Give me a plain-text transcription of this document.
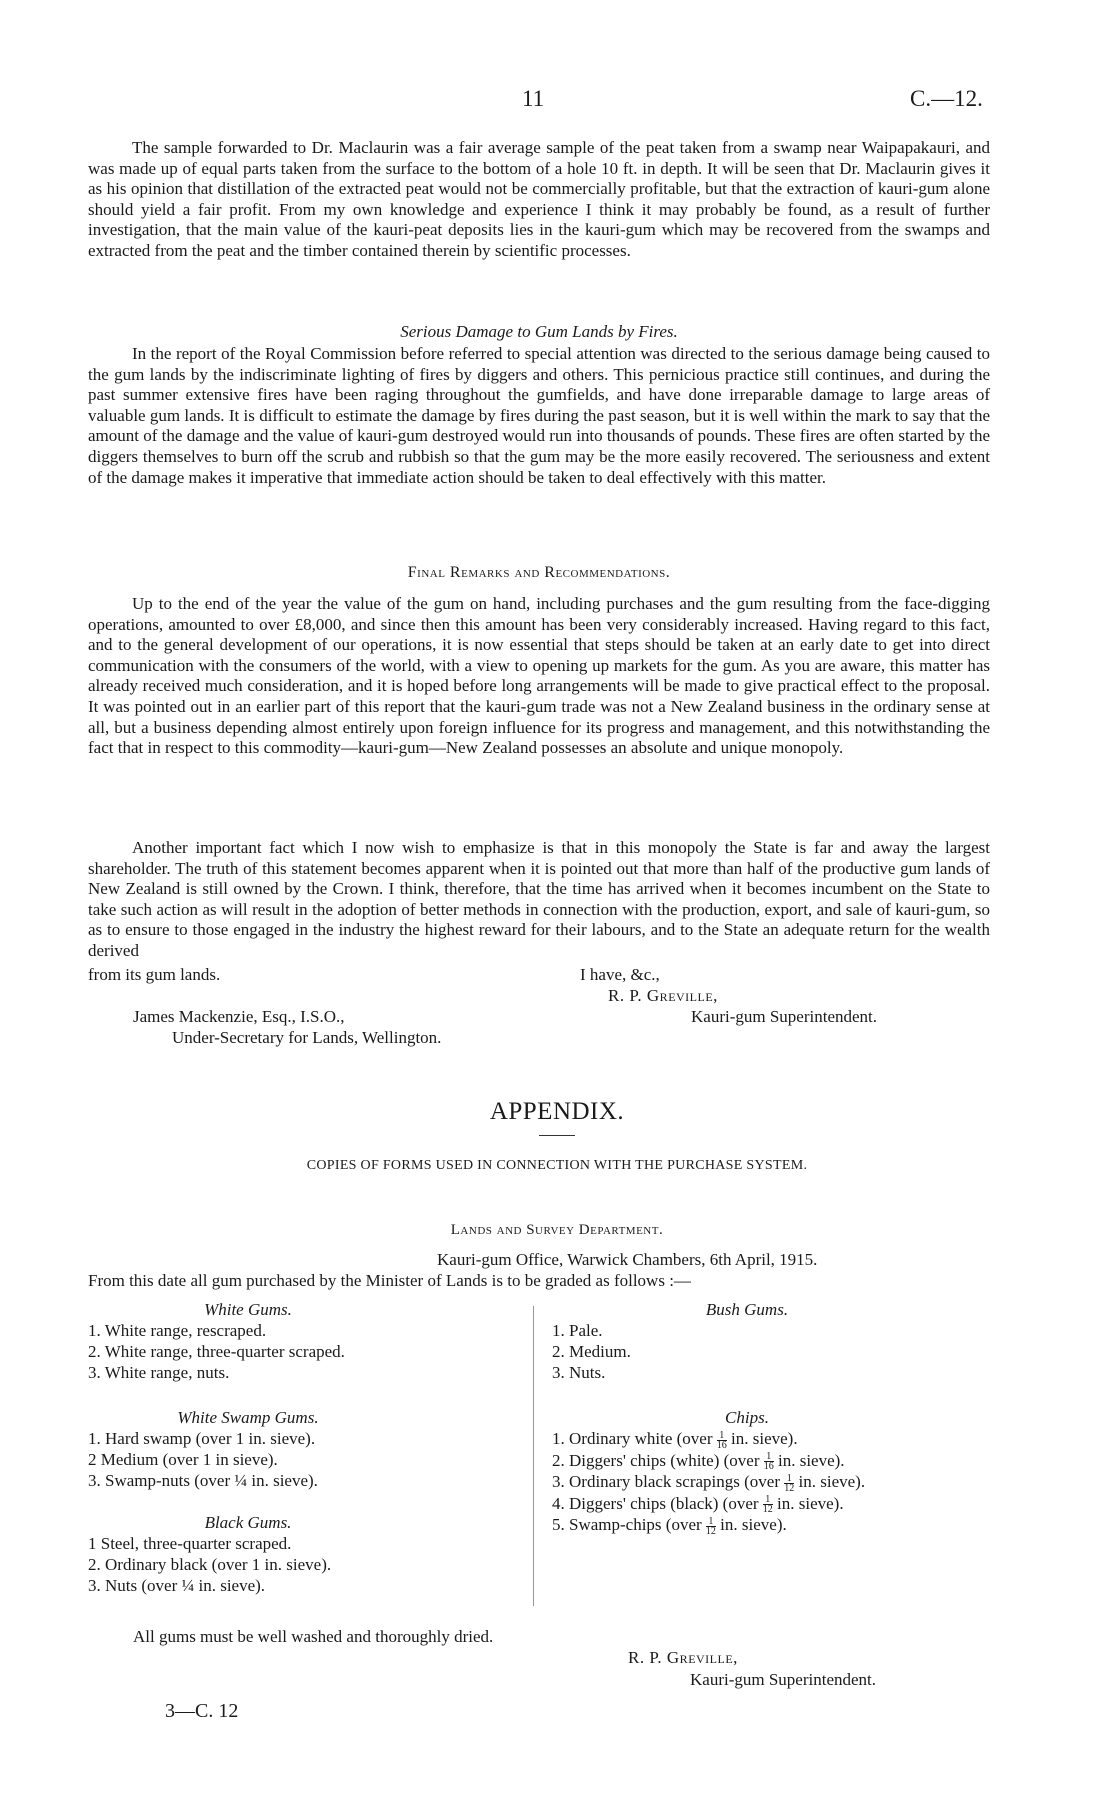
11	C.—12.
The sample forwarded to Dr. Maclaurin was a fair average sample of the peat taken from a swamp near Waipapakauri, and was made up of equal parts taken from the surface to the bottom of a hole 10 ft. in depth. It will be seen that Dr. Maclaurin gives it as his opinion that distillation of the extracted peat would not be commercially profitable, but that the extraction of kauri-gum alone should yield a fair profit. From my own knowledge and experience I think it may probably be found, as a result of further investigation, that the main value of the kauri-peat deposits lies in the kauri-gum which may be recovered from the swamps and extracted from the peat and the timber contained therein by scientific processes.
Serious Damage to Gum Lands by Fires.
In the report of the Royal Commission before referred to special attention was directed to the serious damage being caused to the gum lands by the indiscriminate lighting of fires by diggers and others. This pernicious practice still continues, and during the past summer extensive fires have been raging throughout the gumfields, and have done irreparable damage to large areas of valuable gum lands. It is difficult to estimate the damage by fires during the past season, but it is well within the mark to say that the amount of the damage and the value of kauri-gum destroyed would run into thousands of pounds. These fires are often started by the diggers themselves to burn off the scrub and rubbish so that the gum may be the more easily recovered. The seriousness and extent of the damage makes it imperative that immediate action should be taken to deal effectively with this matter.
Final Remarks and Recommendations.
Up to the end of the year the value of the gum on hand, including purchases and the gum resulting from the face-digging operations, amounted to over £8,000, and since then this amount has been very considerably increased. Having regard to this fact, and to the general development of our operations, it is now essential that steps should be taken at an early date to get into direct communication with the consumers of the world, with a view to opening up markets for the gum. As you are aware, this matter has already received much consideration, and it is hoped before long arrangements will be made to give practical effect to the proposal. It was pointed out in an earlier part of this report that the kauri-gum trade was not a New Zealand business in the ordinary sense at all, but a business depending almost entirely upon foreign influence for its progress and management, and this notwithstanding the fact that in respect to this commodity—kauri-gum—New Zealand possesses an absolute and unique monopoly.
Another important fact which I now wish to emphasize is that in this monopoly the State is far and away the largest shareholder. The truth of this statement becomes apparent when it is pointed out that more than half of the productive gum lands of New Zealand is still owned by the Crown. I think, therefore, that the time has arrived when it becomes incumbent on the State to take such action as will result in the adoption of better methods in connection with the production, export, and sale of kauri-gum, so as to ensure to those engaged in the industry the highest reward for their labours, and to the State an adequate return for the wealth derived
from its gum lands.	I have, &c.,
R. P. Greville,
Kauri-gum Superintendent.
James Mackenzie, Esq., I.S.O.,
Under-Secretary for Lands, Wellington.
APPENDIX.
COPIES OF FORMS USED IN CONNECTION WITH THE PURCHASE SYSTEM.
Lands and Survey Department.
Kauri-gum Office, Warwick Chambers, 6th April, 1915.
From this date all gum purchased by the Minister of Lands is to be graded as follows :—
White Gums.
1. White range, rescraped.
2. White range, three-quarter scraped.
3. White range, nuts.
White Swamp Gums.
1. Hard swamp (over 1 in. sieve).
2 Medium (over 1 in sieve).
3. Swamp-nuts (over ¼ in. sieve).
Black Gums.
1 Steel, three-quarter scraped.
2. Ordinary black (over 1 in. sieve).
3. Nuts (over ¼ in. sieve).
Bush Gums.
1. Pale.
2. Medium.
3. Nuts.
Chips.
1. Ordinary white (over $\frac{1}{16}$ in. sieve).
2. Diggers' chips (white) (over $\frac{1}{16}$ in. sieve).
3. Ordinary black scrapings (over $\frac{1}{12}$ in. sieve).
4. Diggers' chips (black) (over $\frac{1}{12}$ in. sieve).
5. Swamp-chips (over $\frac{1}{12}$ in. sieve).
All gums must be well washed and thoroughly dried.
R. P. Greville,
Kauri-gum Superintendent.
3—C. 12
